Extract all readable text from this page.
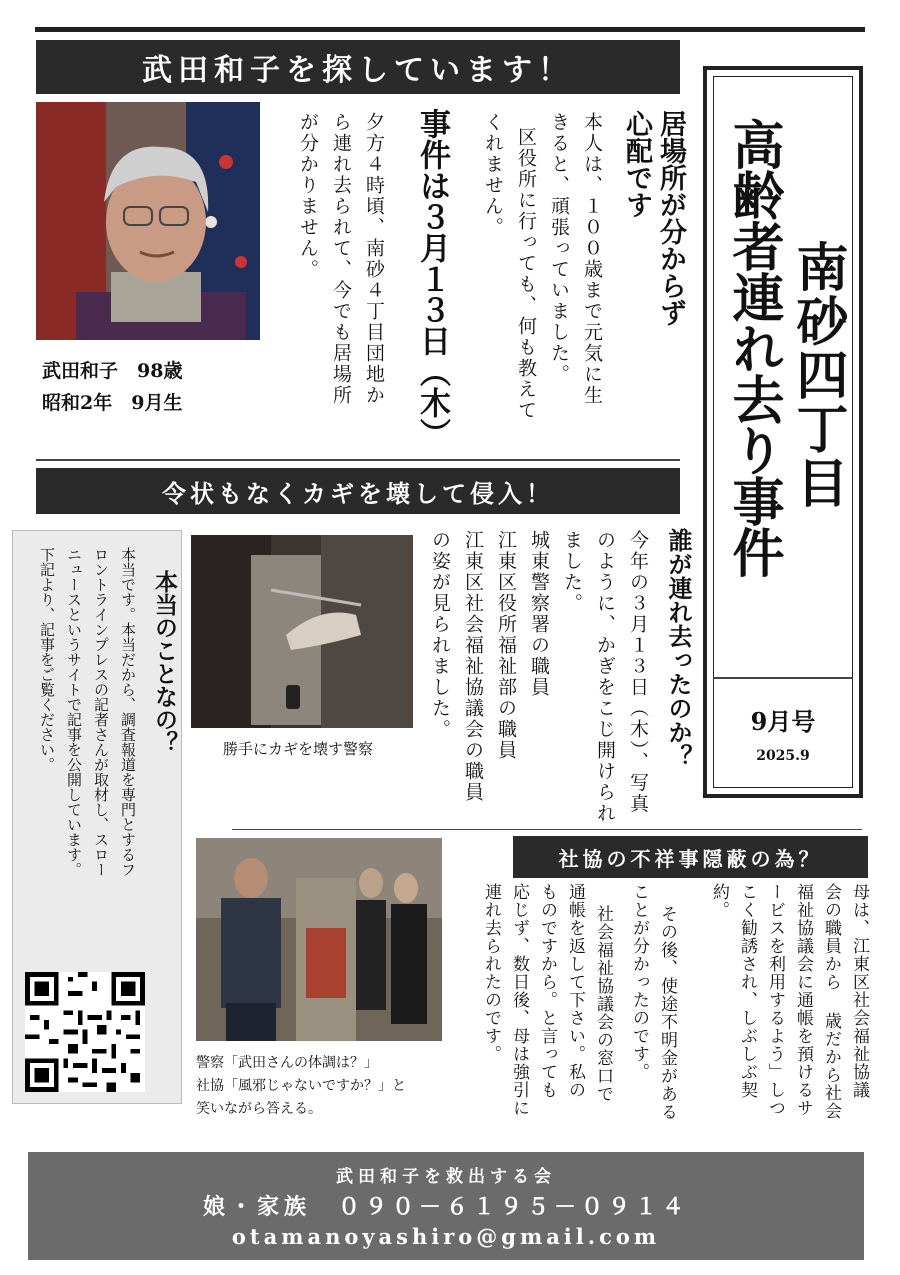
武田和子を探しています！
武田和子　98歳
昭和2年　9月生
居場所が分からず
心配です
本人は、１００歳まで元気に生
きると、頑張っていました。
区役所に行っても、何も教えて
くれません。
事件は３月１３日（木）
夕方４時頃、南砂４丁目団地か
ら連れ去られて、今でも居場所
が分かりません。
南砂四丁目
高齢者連れ去り事件
9月号
2025.9
令状もなくカギを壊して侵入！
本当のことなの？
本当です。本当だから、調査報道を専門とするフ
ロントラインプレスの記者さんが取材し、スロー
ニュースというサイトで記事を公開しています。
下記より、記事をご覧ください。	勝手にカギを壊す警察	誰が連れ去ったのか？
今年の３月１３日（木）、写真
のように、かぎをこじ開けられ
ました。
城東警察署の職員
江東区役所福祉部の職員
江東区社会福祉協議会の職員
の姿が見られました。
社協の不祥事隠蔽の為？
警察「武田さんの体調は？」
社協「風邪じゃないですか？」と
笑いながら答える。
母は、江東区社会福祉協議
会の職員から 歳だから社会
福祉協議会に通帳を預けるサ
ービスを利用するよう」しつ
こく勧誘され、しぶしぶ契
約。
その後、使途不明金がある
ことが分かったのです。
社会福祉協議会の窓口で
通帳を返して下さい。私の
ものですから。と言っても
応じず、数日後、母は強引に
連れ去られたのです。
武田和子を救出する会
娘・家族　０９０－６１９５－０９１４
otamanoyashiro@gmail.com
